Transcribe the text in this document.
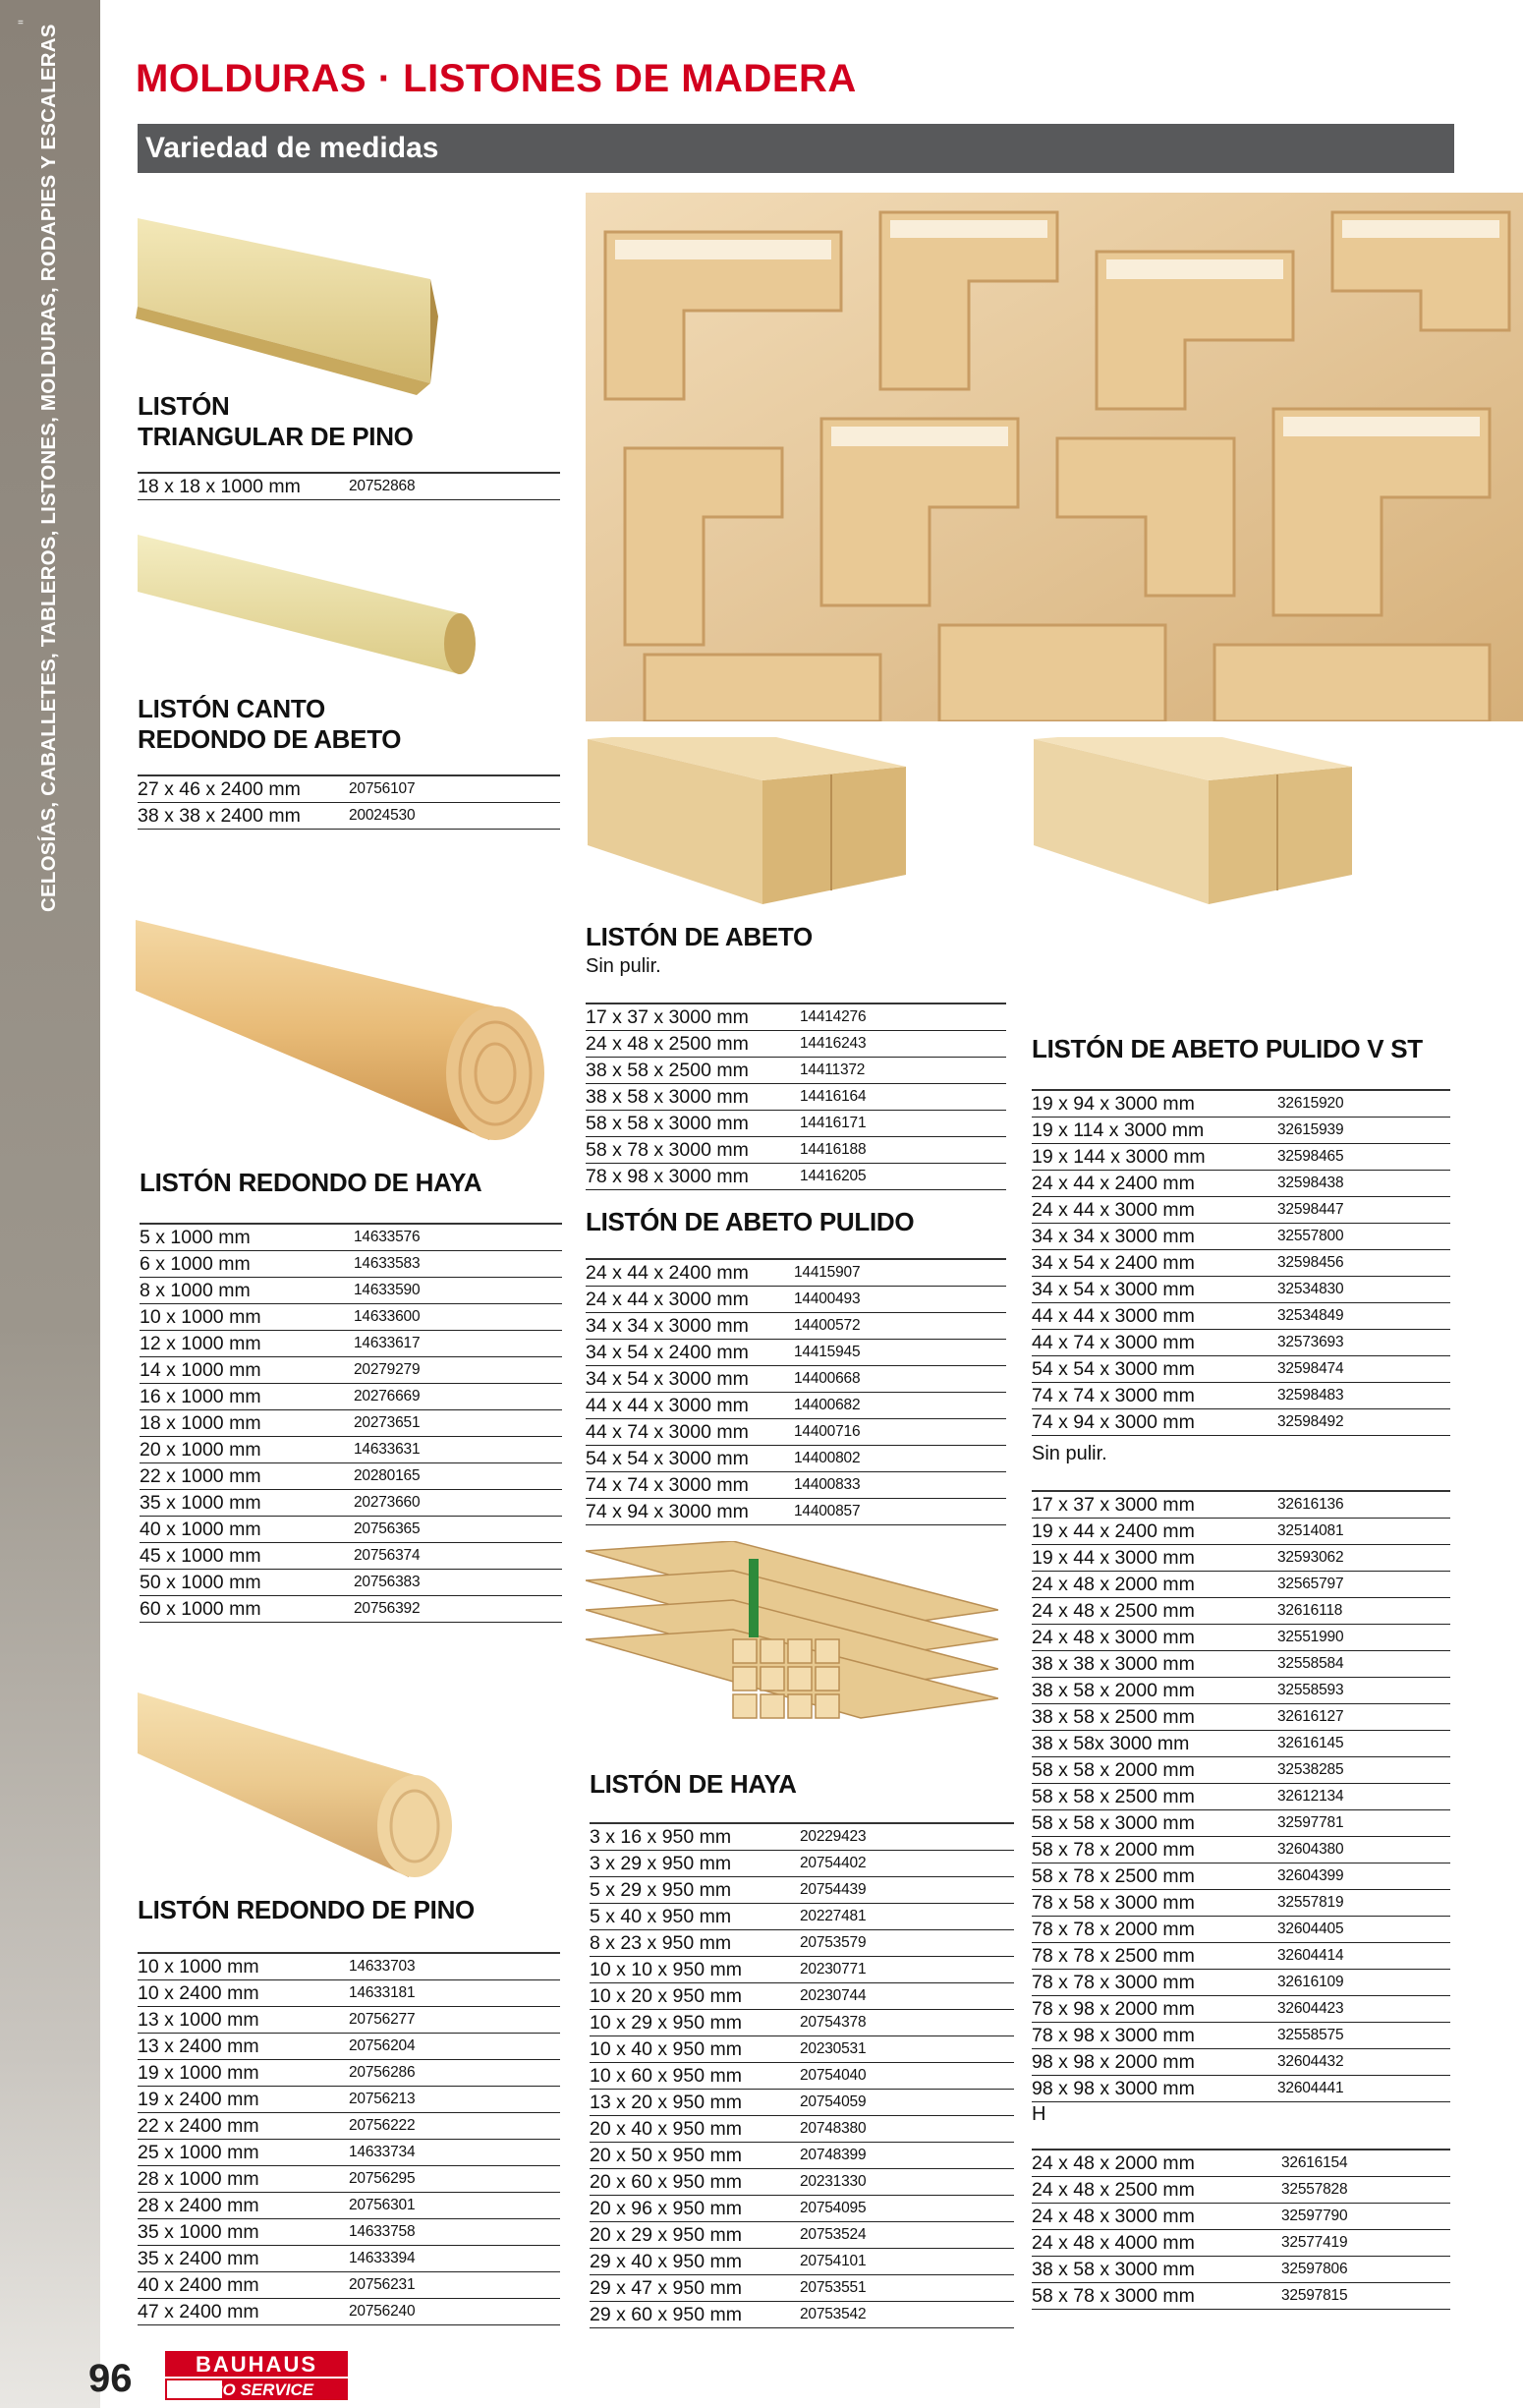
=
CELOSÍAS, CABALLETES, TABLEROS, LISTONES, MOLDURAS, RODAPIES Y ESCALERAS	MOLDURAS · LISTONES DE MADERA
Variedad de medidas
LISTÓN
TRIANGULAR DE PINO
18 x 18 x 1000 mm	20752868
LISTÓN CANTO
REDONDO DE ABETO
27 x 46 x 2400 mm	20756107
38 x 38 x 2400 mm	20024530
LISTÓN REDONDO DE HAYA
5 x 1000 mm	14633576
6 x 1000 mm	14633583
8 x 1000 mm	14633590
10 x 1000 mm	14633600
12 x 1000 mm	14633617
14 x 1000 mm	20279279
16 x 1000 mm	20276669
18 x 1000 mm	20273651
20 x 1000 mm	14633631
22 x 1000 mm	20280165
35 x 1000 mm	20273660
40 x 1000 mm	20756365
45 x 1000 mm	20756374
50 x 1000 mm	20756383
60 x 1000 mm	20756392
LISTÓN REDONDO DE PINO
10 x 1000 mm	14633703
10 x 2400 mm	14633181
13 x 1000 mm	20756277
13 x 2400 mm	20756204
19 x 1000 mm	20756286
19 x 2400 mm	20756213
22 x 2400 mm	20756222
25 x 1000 mm	14633734
28 x 1000 mm	20756295
28 x 2400 mm	20756301
35 x 1000 mm	14633758
35 x 2400 mm	14633394
40 x 2400 mm	20756231
47 x 2400 mm	20756240
LISTÓN DE ABETO
Sin pulir.
17 x 37 x 3000 mm	14414276
24 x 48 x 2500 mm	14416243
38 x 58 x 2500 mm	14411372
38 x 58 x 3000 mm	14416164
58 x 58 x 3000 mm	14416171
58 x 78 x 3000 mm	14416188
78 x 98 x 3000 mm	14416205
LISTÓN DE ABETO PULIDO
24 x 44 x 2400 mm	14415907
24 x 44 x 3000 mm	14400493
34 x 34 x 3000 mm	14400572
34 x 54 x 2400 mm	14415945
34 x 54 x 3000 mm	14400668
44 x 44 x 3000 mm	14400682
44 x 74 x 3000 mm	14400716
54 x 54 x 3000 mm	14400802
74 x 74 x 3000 mm	14400833
74 x 94 x 3000 mm	14400857
LISTÓN DE HAYA
3 x 16 x 950 mm	20229423
3 x 29 x 950 mm	20754402
5 x 29 x 950 mm	20754439
5 x 40 x 950 mm	20227481
8 x 23 x 950 mm	20753579
10 x 10 x 950 mm	20230771
10 x 20 x 950 mm	20230744
10 x 29 x 950 mm	20754378
10 x 40 x 950 mm	20230531
10 x 60 x 950 mm	20754040
13 x 20 x 950 mm	20754059
20 x 40 x 950 mm	20748380
20 x 50 x 950 mm	20748399
20 x 60 x 950 mm	20231330
20 x 96 x 950 mm	20754095
20 x 29 x 950 mm	20753524
29 x 40 x 950 mm	20754101
29 x 47 x 950 mm	20753551
29 x 60 x 950 mm	20753542
LISTÓN DE ABETO PULIDO V ST
19 x 94 x 3000 mm	32615920
19 x 114 x 3000 mm	32615939
19 x 144 x 3000 mm	32598465
24 x 44 x 2400 mm	32598438
24 x 44 x 3000 mm	32598447
34 x 34 x 3000 mm	32557800
34 x 54 x 2400 mm	32598456
34 x 54 x 3000 mm	32534830
44 x 44 x 3000 mm	32534849
44 x 74 x 3000 mm	32573693
54 x 54 x 3000 mm	32598474
74 x 74 x 3000 mm	32598483
74 x 94 x 3000 mm	32598492
Sin pulir.
17 x 37 x 3000 mm	32616136
19 x 44 x 2400 mm	32514081
19 x 44 x 3000 mm	32593062
24 x 48 x 2000 mm	32565797
24 x 48 x 2500 mm	32616118
24 x 48 x 3000 mm	32551990
38 x 38 x 3000 mm	32558584
38 x 58 x 2000 mm	32558593
38 x 58 x 2500 mm	32616127
38 x 58x 3000 mm	32616145
58 x 58 x 2000 mm	32538285
58 x 58 x 2500 mm	32612134
58 x 58 x 3000 mm	32597781
58 x 78 x 2000 mm	32604380
58 x 78 x 2500 mm	32604399
78 x 58 x 3000 mm	32557819
78 x 78 x 2000 mm	32604405
78 x 78 x 2500 mm	32604414
78 x 78 x 3000 mm	32616109
78 x 98 x 2000 mm	32604423
78 x 98 x 3000 mm	32558575
98 x 98 x 2000 mm	32604432
98 x 98 x 3000 mm	32604441
H
24 x 48 x 2000 mm	32616154
24 x 48 x 2500 mm	32557828
24 x 48 x 3000 mm	32597790
24 x 48 x 4000 mm	32577419
38 x 58 x 3000 mm	32597806
58 x 78 x 3000 mm	32597815
96	BAUHAUS
PRO SERVICE
